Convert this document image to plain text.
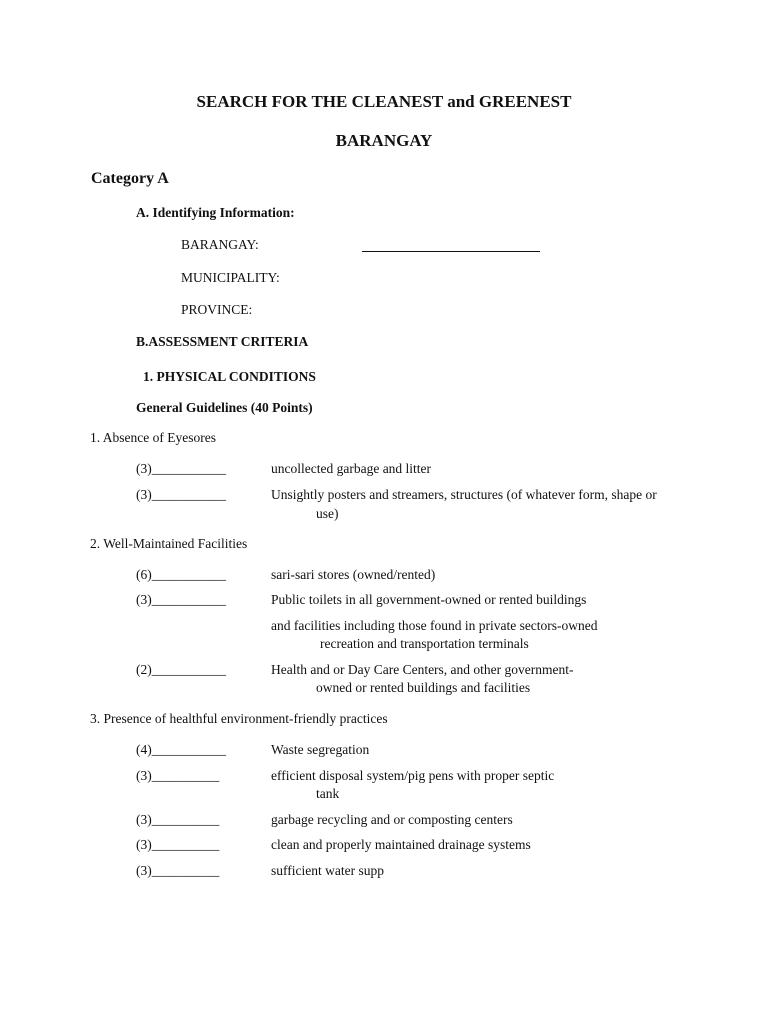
SEARCH FOR THE CLEANEST and GREENEST
BARANGAY
Category A
A. Identifying Information:
BARANGAY:
MUNICIPALITY:
PROVINCE:
B.ASSESSMENT CRITERIA
1. PHYSICAL CONDITIONS
General Guidelines (40 Points)
1. Absence of Eyesores
(3)___________	uncollected garbage and litter
(3)___________	Unsightly posters and streamers, structures (of whatever form, shape or
use)
2. Well-Maintained Facilities
(6)___________	sari-sari stores (owned/rented)
(3)___________	Public toilets in all government-owned or rented buildings
and facilities including those found in private sectors-owned
recreation and transportation terminals
(2)___________	Health and or Day Care Centers, and other government-
owned or rented buildings and facilities
3. Presence of healthful environment-friendly practices
(4)___________	Waste segregation
(3)__________	efficient disposal system/pig pens with proper septic
tank
(3)__________	garbage recycling and or composting centers
(3)__________	clean and properly maintained drainage systems
(3)__________	sufficient water supp
